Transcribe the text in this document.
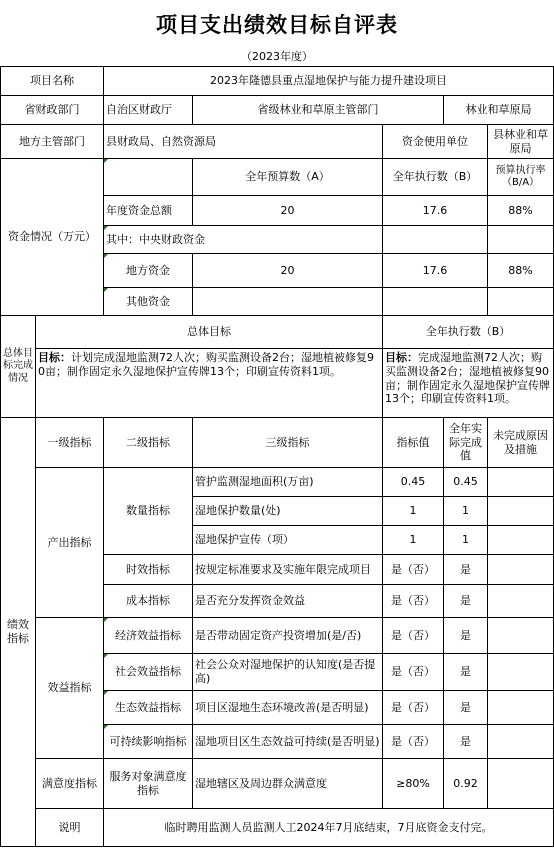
项目支出绩效目标自评表
（2023年度）
项目名称		2023年隆德县重点湿地保护与能力提升建设项目				
省财政部门		自治区财政厅	省级林业和草原主管部门		林业和草原局	
地方主管部门		县财政局、自然资源局		资金使用单位		县林业和草原局
资金情况（万元）			全年预算数（A）	全年执行数（B）		预算执行率（B/A）
		年度资金总额	20	17.6		88%
		其中：中央财政资金				
		地方资金	20	17.6		88%
		其他资金				
总体目标完成情况	总体目标			全年执行数（B）		
	目标：计划完成湿地监测72人次；购买监测设备2台；湿地植被修复90亩；制作固定永久湿地保护宣传牌13个；印刷宣传资料1项。			目标：完成湿地监测72人次；购买监测设备2台；湿地植被修复90亩；制作固定永久湿地保护宣传牌13个；印刷宣传资料1项。		
绩效指标	一级指标	二级指标	三级指标	指标值	全年实际完成值	未完成原因及措施
	产出指标	数量指标	管护监测湿地面积(万亩)	0.45	0.45	
			湿地保护数量(处)	1	1	
			湿地保护宣传（项）	1	1	
		时效指标	按规定标准要求及实施年限完成项目	是（否）	是	
		成本指标	是否充分发挥资金效益	是（否）	是	
	效益指标	经济效益指标	是否带动固定资产投资增加(是/否)	是（否）	是	
		社会效益指标	社会公众对湿地保护的认知度(是否提高)	是（否）	是	
		生态效益指标	项目区湿地生态环境改善(是否明显)	是（否）	是	
		可持续影响指标	湿地项目区生态效益可持续(是否明显)	是（否）	是	
	满意度指标	服务对象满意度指标	湿地辖区及周边群众满意度	≥80%	0.92	
	说明	临时聘用监测人员监测人工2024年7月底结束，7月底资金支付完。				
